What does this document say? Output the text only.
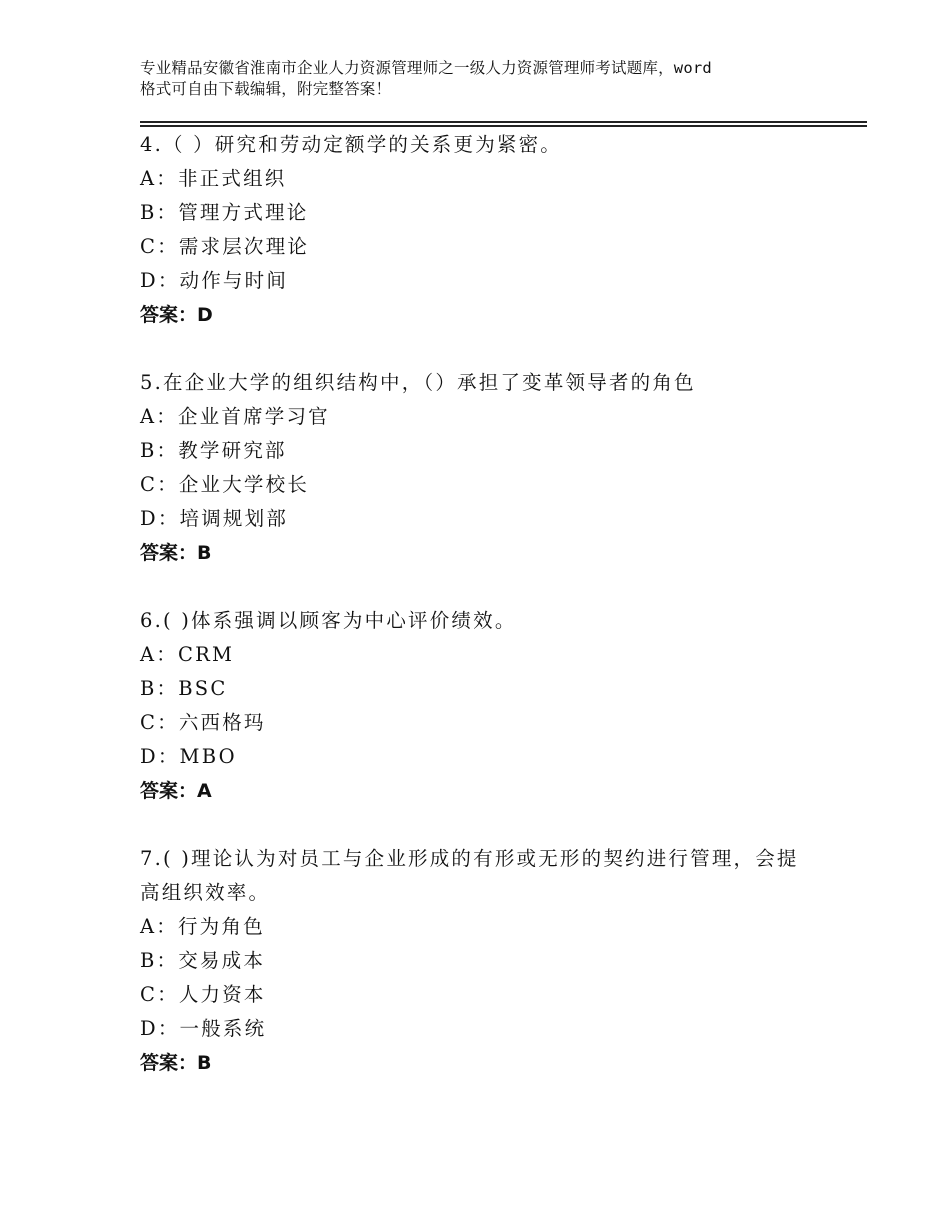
专业精品安徽省淮南市企业人力资源管理师之一级人力资源管理师考试题库，word
格式可自由下载编辑，附完整答案！
4.（ ）研究和劳动定额学的关系更为紧密。
A：非正式组织
B：管理方式理论
C：需求层次理论
D：动作与时间
答案：D
5.在企业大学的组织结构中，（）承担了变革领导者的角色
A：企业首席学习官
B：教学研究部
C：企业大学校长
D：培调规划部
答案：B
6.( )体系强调以顾客为中心评价绩效。
A：CRM
B：BSC
C：六西格玛
D：MBO
答案：A
7.( )理论认为对员工与企业形成的有形或无形的契约进行管理，会提高组织效率。
A：行为角色
B：交易成本
C：人力资本
D：一般系统
答案：B
